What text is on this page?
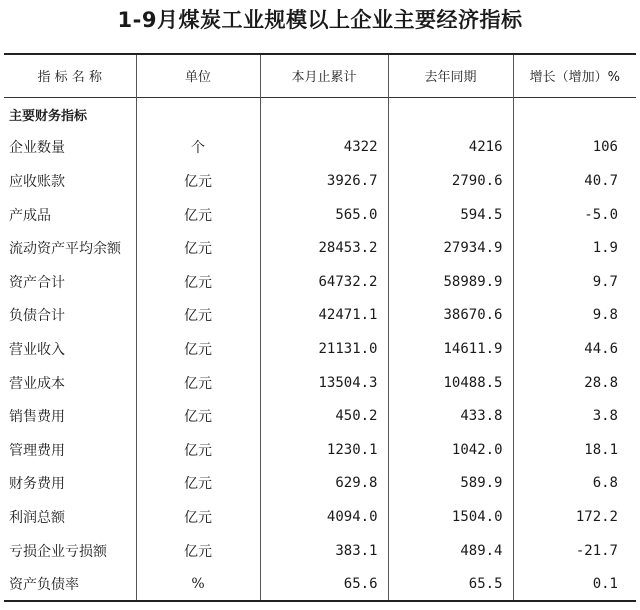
1-9月煤炭工业规模以上企业主要经济指标
指 标 名 称	单位	本月止累计	去年同期	增长（增加）%
主要财务指标				
企业数量	个	4322	4216	106
应收账款	亿元	3926.7	2790.6	40.7
产成品	亿元	565.0	594.5	-5.0
流动资产平均余额	亿元	28453.2	27934.9	1.9
资产合计	亿元	64732.2	58989.9	9.7
负债合计	亿元	42471.1	38670.6	9.8
营业收入	亿元	21131.0	14611.9	44.6
营业成本	亿元	13504.3	10488.5	28.8
销售费用	亿元	450.2	433.8	3.8
管理费用	亿元	1230.1	1042.0	18.1
财务费用	亿元	629.8	589.9	6.8
利润总额	亿元	4094.0	1504.0	172.2
亏损企业亏损额	亿元	383.1	489.4	-21.7
资产负债率	%	65.6	65.5	0.1
